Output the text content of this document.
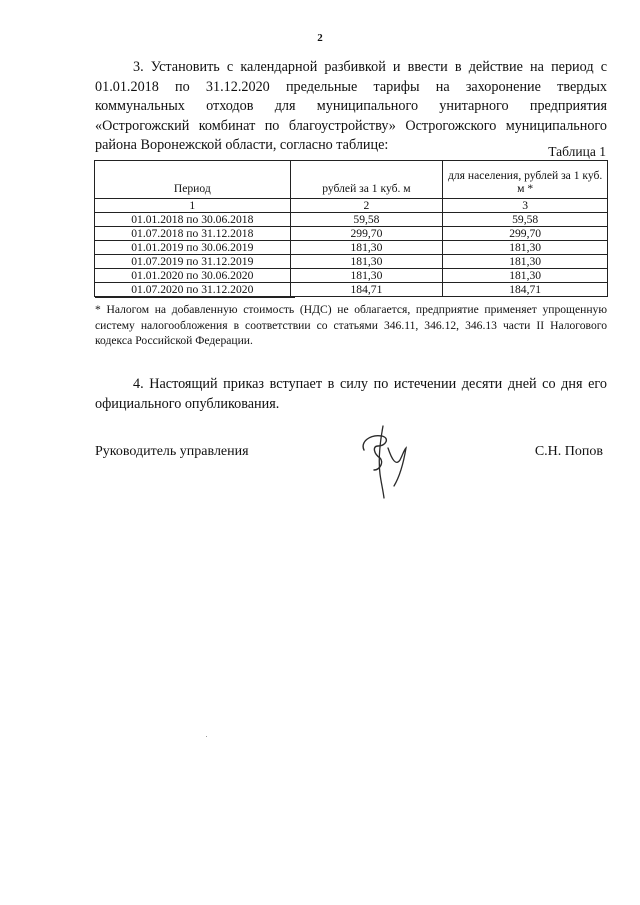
2

3. Установить с календарной разбивкой и ввести в действие на период с 01.01.2018 по 31.12.2020 предельные тарифы на захоронение твердых коммунальных отходов для муниципального унитарного предприятия «Острогожский комбинат по благоустройству» Острогожского муниципального района Воронежской области, согласно таблице:	Таблица 1
Период	рублей за 1 куб. м	для населения, рублей за 1 куб. м *
1	2	3
01.01.2018 по 30.06.2018	59,58	59,58
01.07.2018 по 31.12.2018	299,70	299,70
01.01.2019 по 30.06.2019	181,30	181,30
01.07.2019 по 31.12.2019	181,30	181,30
01.01.2020 по 30.06.2020	181,30	181,30
01.07.2020 по 31.12.2020	184,71	184,71

* Налогом на добавленную стоимость (НДС) не облагается, предприятие применяет упрощенную систему налогообложения в соответствии со статьями 346.11, 346.12, 346.13 части II Налогового кодекса Российской Федерации.

4. Настоящий приказ вступает в силу по истечении десяти дней со дня его официального опубликования.

Руководитель управления	С.Н. Попов
